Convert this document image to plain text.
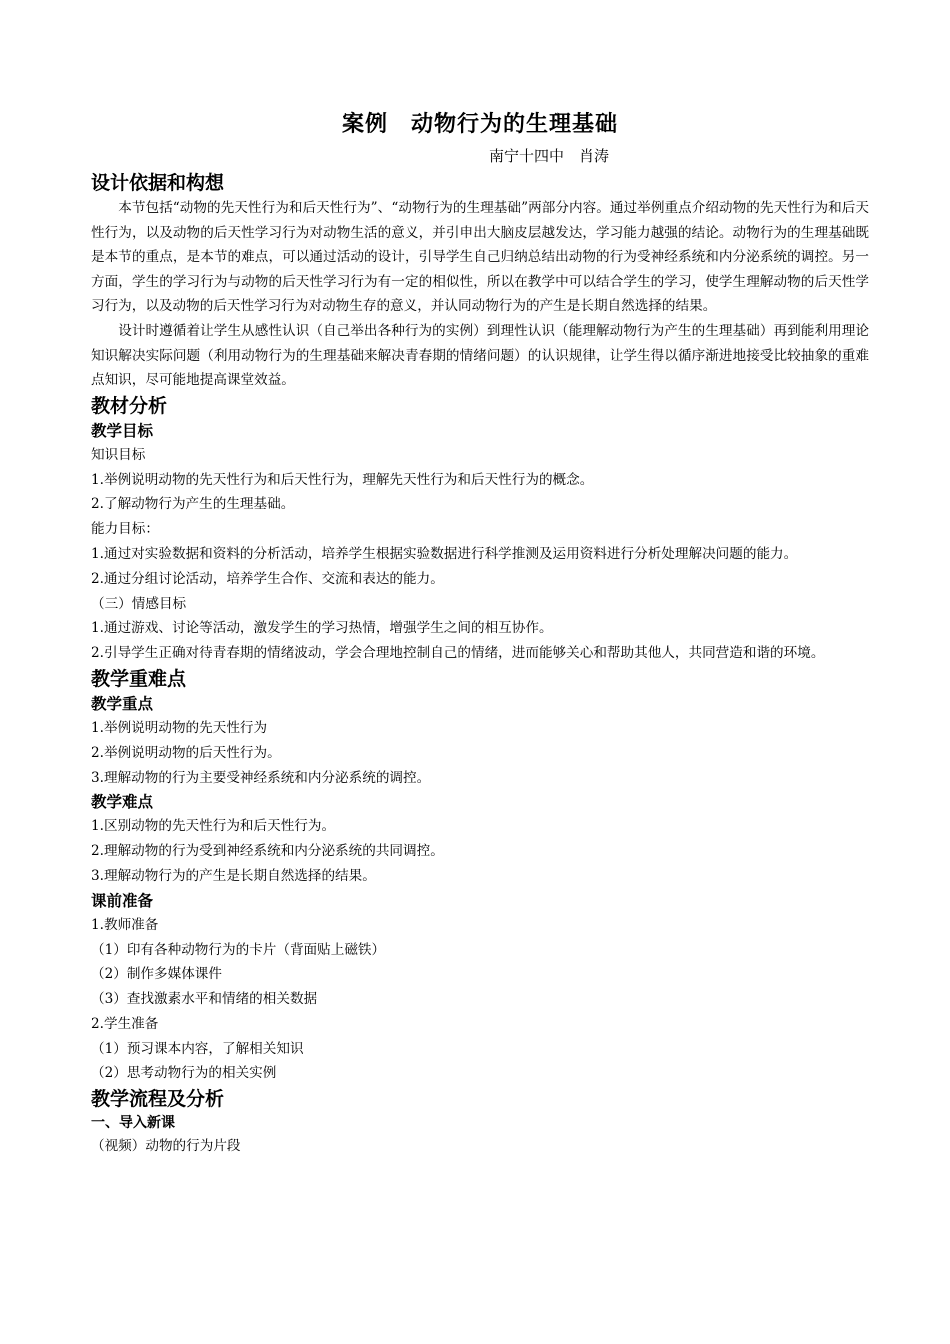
案例　动物行为的生理基础

南宁十四中　肖涛

设计依据和构想

本节包括“动物的先天性行为和后天性行为”、“动物行为的生理基础”两部分内容。通过举例重点介绍动物的先天性行为和后天性行为，以及动物的后天性学习行为对动物生活的意义，并引申出大脑皮层越发达，学习能力越强的结论。动物行为的生理基础既是本节的重点，是本节的难点，可以通过活动的设计，引导学生自己归纳总结出动物的行为受神经系统和内分泌系统的调控。另一方面，学生的学习行为与动物的后天性学习行为有一定的相似性，所以在教学中可以结合学生的学习，使学生理解动物的后天性学习行为，以及动物的后天性学习行为对动物生存的意义，并认同动物行为的产生是长期自然选择的结果。

设计时遵循着让学生从感性认识（自己举出各种行为的实例）到理性认识（能理解动物行为产生的生理基础）再到能利用理论知识解决实际问题（利用动物行为的生理基础来解决青春期的情绪问题）的认识规律，让学生得以循序渐进地接受比较抽象的重难点知识，尽可能地提高课堂效益。

教材分析
教学目标

知识目标

1.举例说明动物的先天性行为和后天性行为，理解先天性行为和后天性行为的概念。

2.了解动物行为产生的生理基础。

能力目标：

1.通过对实验数据和资料的分析活动，培养学生根据实验数据进行科学推测及运用资料进行分析处理解决问题的能力。

2.通过分组讨论活动，培养学生合作、交流和表达的能力。

（三）情感目标

1.通过游戏、讨论等活动，激发学生的学习热情，增强学生之间的相互协作。

2.引导学生正确对待青春期的情绪波动，学会合理地控制自己的情绪，进而能够关心和帮助其他人，共同营造和谐的环境。

教学重难点
教学重点

1.举例说明动物的先天性行为

2.举例说明动物的后天性行为。

3.理解动物的行为主要受神经系统和内分泌系统的调控。

教学难点

1.区别动物的先天性行为和后天性行为。

2.理解动物的行为受到神经系统和内分泌系统的共同调控。

3.理解动物行为的产生是长期自然选择的结果。

课前准备

1.教师准备

（1）印有各种动物行为的卡片（背面贴上磁铁）

（2）制作多媒体课件

（3）查找激素水平和情绪的相关数据

2.学生准备

（1）预习课本内容，了解相关知识

（2）思考动物行为的相关实例

教学流程及分析
一、导入新课

（视频）动物的行为片段
